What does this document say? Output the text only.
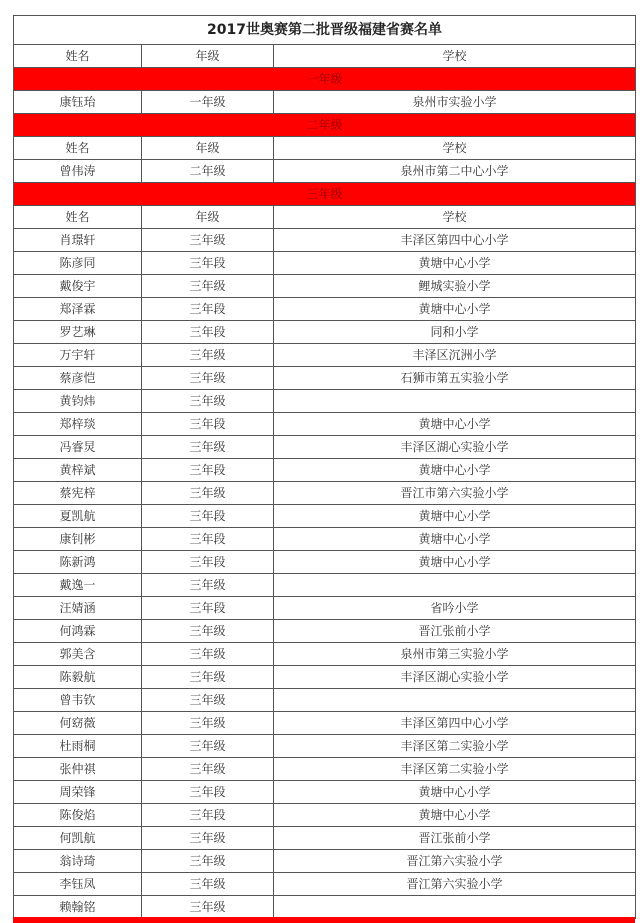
2017世奥赛第二批晋级福建省赛名单		
姓名	年级	学校
一年级		
康钰珆	一年级	泉州市实验小学
二年级		
姓名	年级	学校
曾伟涛	二年级	泉州市第二中心小学
三年级		
姓名	年级	学校
肖璟轩	三年级	丰泽区第四中心小学
陈彦同	三年段	黄塘中心小学
戴俊宇	三年级	鲤城实验小学
郑泽霖	三年段	黄塘中心小学
罗艺琳	三年段	同和小学
万宇轩	三年级	丰泽区沉洲小学
蔡彦恺	三年级	石狮市第五实验小学
黄钧炜	三年级	
郑梓琰	三年段	黄塘中心小学
冯睿炅	三年级	丰泽区湖心实验小学
黄梓斌	三年段	黄塘中心小学
蔡宪梓	三年级	晋江市第六实验小学
夏凯航	三年段	黄塘中心小学
康钊彬	三年段	黄塘中心小学
陈新鸿	三年段	黄塘中心小学
戴逸一	三年级	
汪婧涵	三年段	省吟小学
何鸿霖	三年级	晋江张前小学
郭美含	三年级	泉州市第三实验小学
陈毅航	三年级	丰泽区湖心实验小学
曾韦钦	三年级	
何窈薇	三年级	丰泽区第四中心小学
杜雨桐	三年级	丰泽区第二实验小学
张仲祺	三年级	丰泽区第二实验小学
周荣锋	三年段	黄塘中心小学
陈俊焰	三年段	黄塘中心小学
何凯航	三年级	晋江张前小学
翁诗琦	三年级	晋江第六实验小学
李钰凤	三年级	晋江第六实验小学
赖翰铭	三年级	
